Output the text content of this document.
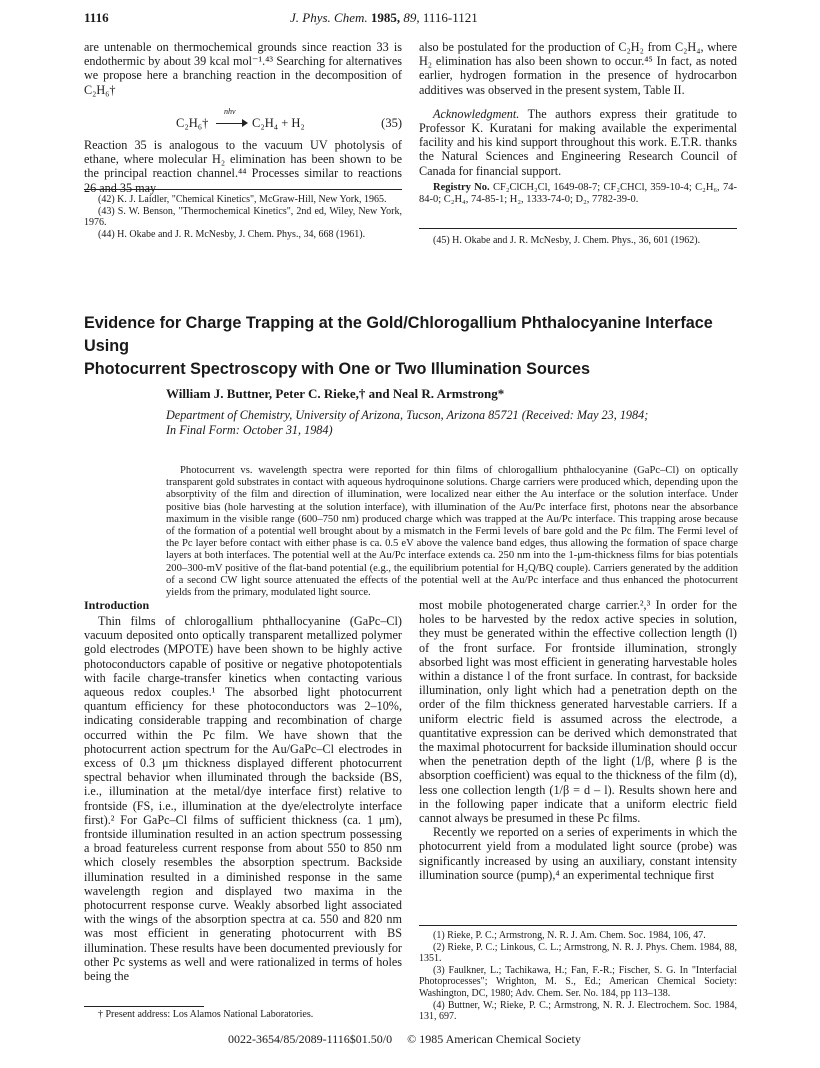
1116	J. Phys. Chem. 1985, 89, 1116-1121

are untenable on thermochemical grounds since reaction 33 is endothermic by about 39 kcal mol⁻¹.⁴³ Searching for alternatives we propose here a branching reaction in the decomposition of C₂H₆†

C₂H₆†
nhν
C₂H₄ + H₂	(35)

Reaction 35 is analogous to the vacuum UV photolysis of ethane, where molecular H₂ elimination has been shown to be the principal reaction channel.⁴⁴ Processes similar to reactions 26 and 35 may

(42) K. J. Laidler, "Chemical Kinetics", McGraw-Hill, New York, 1965.

(43) S. W. Benson, "Thermochemical Kinetics", 2nd ed, Wiley, New York, 1976.

(44) H. Okabe and J. R. McNesby, J. Chem. Phys., 34, 668 (1961).

also be postulated for the production of C₂H₂ from C₂H₄, where H₂ elimination has also been shown to occur.⁴⁵ In fact, as noted earlier, hydrogen formation in the presence of hydrocarbon additives was observed in the present system, Table II.

Acknowledgment. The authors express their gratitude to Professor K. Kuratani for making available the experimental facility and his kind support throughout this work. E.T.R. thanks the Natural Sciences and Engineering Research Council of Canada for financial support.

Registry No. CF₂ClCH₂Cl, 1649-08-7; CF₂CHCl, 359-10-4; C₂H₆, 74-84-0; C₂H₄, 74-85-1; H₂, 1333-74-0; D₂, 7782-39-0.

(45) H. Okabe and J. R. McNesby, J. Chem. Phys., 36, 601 (1962).

Evidence for Charge Trapping at the Gold/Chlorogallium Phthalocyanine Interface Using
Photocurrent Spectroscopy with One or Two Illumination Sources
William J. Buttner, Peter C. Rieke,† and Neal R. Armstrong*
Department of Chemistry, University of Arizona, Tucson, Arizona 85721 (Received: May 23, 1984;
In Final Form: October 31, 1984)

Photocurrent vs. wavelength spectra were reported for thin films of chlorogallium phthalocyanine (GaPc–Cl) on optically transparent gold substrates in contact with aqueous hydroquinone solutions. Charge carriers were produced which, depending upon the absorptivity of the film and direction of illumination, were localized near either the Au interface or the solution interface. Under positive bias (hole harvesting at the solution interface), with illumination of the Au/Pc interface first, photons near the absorbance maximum in the visible range (600–750 nm) produced charge which was trapped at the Au/Pc interface. This trapping arose because of the formation of a potential well brought about by a mismatch in the Fermi levels of bare gold and the Pc film. The Fermi level of the Pc layer before contact with either phase is ca. 0.5 eV above the valence band edges, thus allowing the formation of space charge layers at both interfaces. The potential well at the Au/Pc interface extends ca. 250 nm into the 1-μm-thickness films for bias potentials 200–300-mV positive of the flat-band potential (e.g., the equilibrium potential for H₂Q/BQ couple). Carriers generated by the addition of a second CW light source attenuated the effects of the potential well at the Au/Pc interface and thus enhanced the photocurrent yields from the primary, modulated light source.

Introduction

Thin films of chlorogallium phthallocyanine (GaPc–Cl) vacuum deposited onto optically transparent metallized polymer gold electrodes (MPOTE) have been shown to be highly active photoconductors capable of positive or negative photopotentials with facile charge-transfer kinetics when contacting various aqueous redox couples.¹ The absorbed light photocurrent quantum efficiency for these photoconductors was 2–10%, indicating considerable trapping and recombination of charge occurred within the Pc film. We have shown that the photocurrent action spectrum for the Au/GaPc–Cl electrodes in excess of 0.3 μm thickness displayed different photocurrent spectral behavior when illuminated through the backside (BS, i.e., illumination at the metal/dye interface first) relative to frontside (FS, i.e., illumination at the dye/electrolyte interface first).² For GaPc–Cl films of sufficient thickness (ca. 1 μm), frontside illumination resulted in an action spectrum possessing a broad featureless current response from about 550 to 850 nm which closely resembles the absorption spectrum. Backside illumination resulted in a diminished response in the same wavelength region and displayed two maxima in the photocurrent response curve. Weakly absorbed light associated with the wings of the absorption spectra at ca. 550 and 820 nm was most efficient in generating photocurrent with BS illumination. These results have been documented previously for other Pc systems as well and were rationalized in terms of holes being the

† Present address: Los Alamos National Laboratories.

most mobile photogenerated charge carrier.²,³ In order for the holes to be harvested by the redox active species in solution, they must be generated within the effective collection length (l) of the front surface. For frontside illumination, strongly absorbed light was most efficient in generating harvestable holes within a distance l of the front surface. In contrast, for backside illumination, only light which had a penetration depth on the order of the film thickness generated harvestable carriers. If a uniform electric field is assumed across the electrode, a quantitative expression can be derived which demonstrated that the maximal photocurrent for backside illumination should occur when the penetration depth of the light (1/β, where β is the absorption coefficient) was equal to the thickness of the film (d), less one collection length (1/β = d – l). Results shown here and in the following paper indicate that a uniform electric field cannot always be presumed in these Pc films.

Recently we reported on a series of experiments in which the photocurrent yield from a modulated light source (probe) was significantly increased by using an auxiliary, constant intensity illumination source (pump),⁴ an experimental technique first

(1) Rieke, P. C.; Armstrong, N. R. J. Am. Chem. Soc. 1984, 106, 47.

(2) Rieke, P. C.; Linkous, C. L.; Armstrong, N. R. J. Phys. Chem. 1984, 88, 1351.

(3) Faulkner, L.; Tachikawa, H.; Fan, F.-R.; Fischer, S. G. In "Interfacial Photoprocesses"; Wrighton, M. S., Ed.; American Chemical Society: Washington, DC, 1980; Adv. Chem. Ser. No. 184, pp 113–138.

(4) Buttner, W.; Rieke, P. C.; Armstrong, N. R. J. Electrochem. Soc. 1984, 131, 697.

0022-3654/85/2089-1116$01.50/0 © 1985 American Chemical Society
